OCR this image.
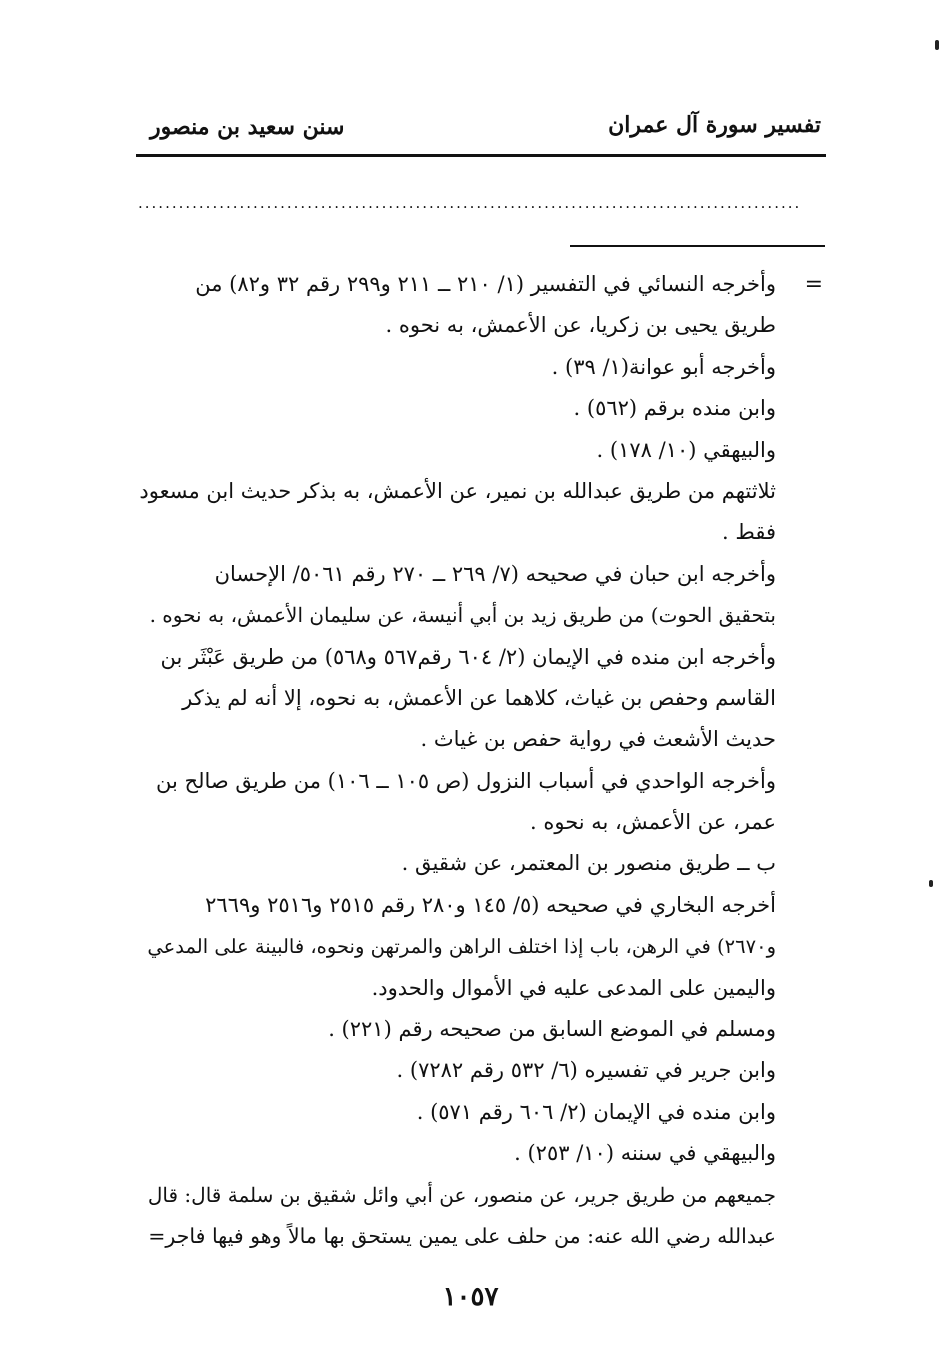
تفسير سورة آل عمران
سنن سعيد بن منصور
..................................................................................................
=
وأخرجه النسائي في التفسير (١/ ٢١٠ ــ ٢١١ و٢٩٩ رقم ٣٢ و٨٢) من
طريق يحيى بن زكريا، عن الأعمش، به نحوه .
وأخرجه أبو عوانة(١/ ٣٩) .
وابن منده برقم (٥٦٢) .
والبيهقي (١٠/ ١٧٨) .
ثلاثتهم من طريق عبدالله بن نمير، عن الأعمش، به بذكر حديث ابن مسعود
فقط .
وأخرجه ابن حبان في صحيحه (٧/ ٢٦٩ ــ ٢٧٠ رقم ٥٠٦١/ الإحسان
بتحقيق الحوت) من طريق زيد بن أبي أنيسة، عن سليمان الأعمش، به نحوه .
وأخرجه ابن منده في الإيمان (٢/ ٦٠٤ رقم٥٦٧ و٥٦٨) من طريق عَبْثَر بن
القاسم وحفص بن غياث، كلاهما عن الأعمش، به نحوه، إلا أنه لم يذكر
حديث الأشعث في رواية حفص بن غياث .
وأخرجه الواحدي في أسباب النزول (ص ١٠٥ ــ ١٠٦) من طريق صالح بن
عمر، عن الأعمش، به نحوه .
ب ــ طريق منصور بن المعتمر، عن شقيق .
أخرجه البخاري في صحيحه (٥/ ١٤٥ و٢٨٠ رقم ٢٥١٥ و٢٥١٦ و٢٦٦٩
و٢٦٧٠) في الرهن، باب إذا اختلف الراهن والمرتهن ونحوه، فالبينة على المدعي
واليمين على المدعى عليه في الأموال والحدود.
ومسلم في الموضع السابق من صحيحه رقم (٢٢١) .
وابن جرير في تفسيره (٦/ ٥٣٢ رقم ٧٢٨٢) .
وابن منده في الإيمان (٢/ ٦٠٦ رقم ٥٧١) .
والبيهقي في سننه (١٠/ ٢٥٣) .
جميعهم من طريق جرير، عن منصور، عن أبي وائل شقيق بن سلمة قال: قال
عبدالله رضي الله عنه: من حلف على يمين يستحق بها مالاً وهو فيها فاجر=
١٠٥٧
